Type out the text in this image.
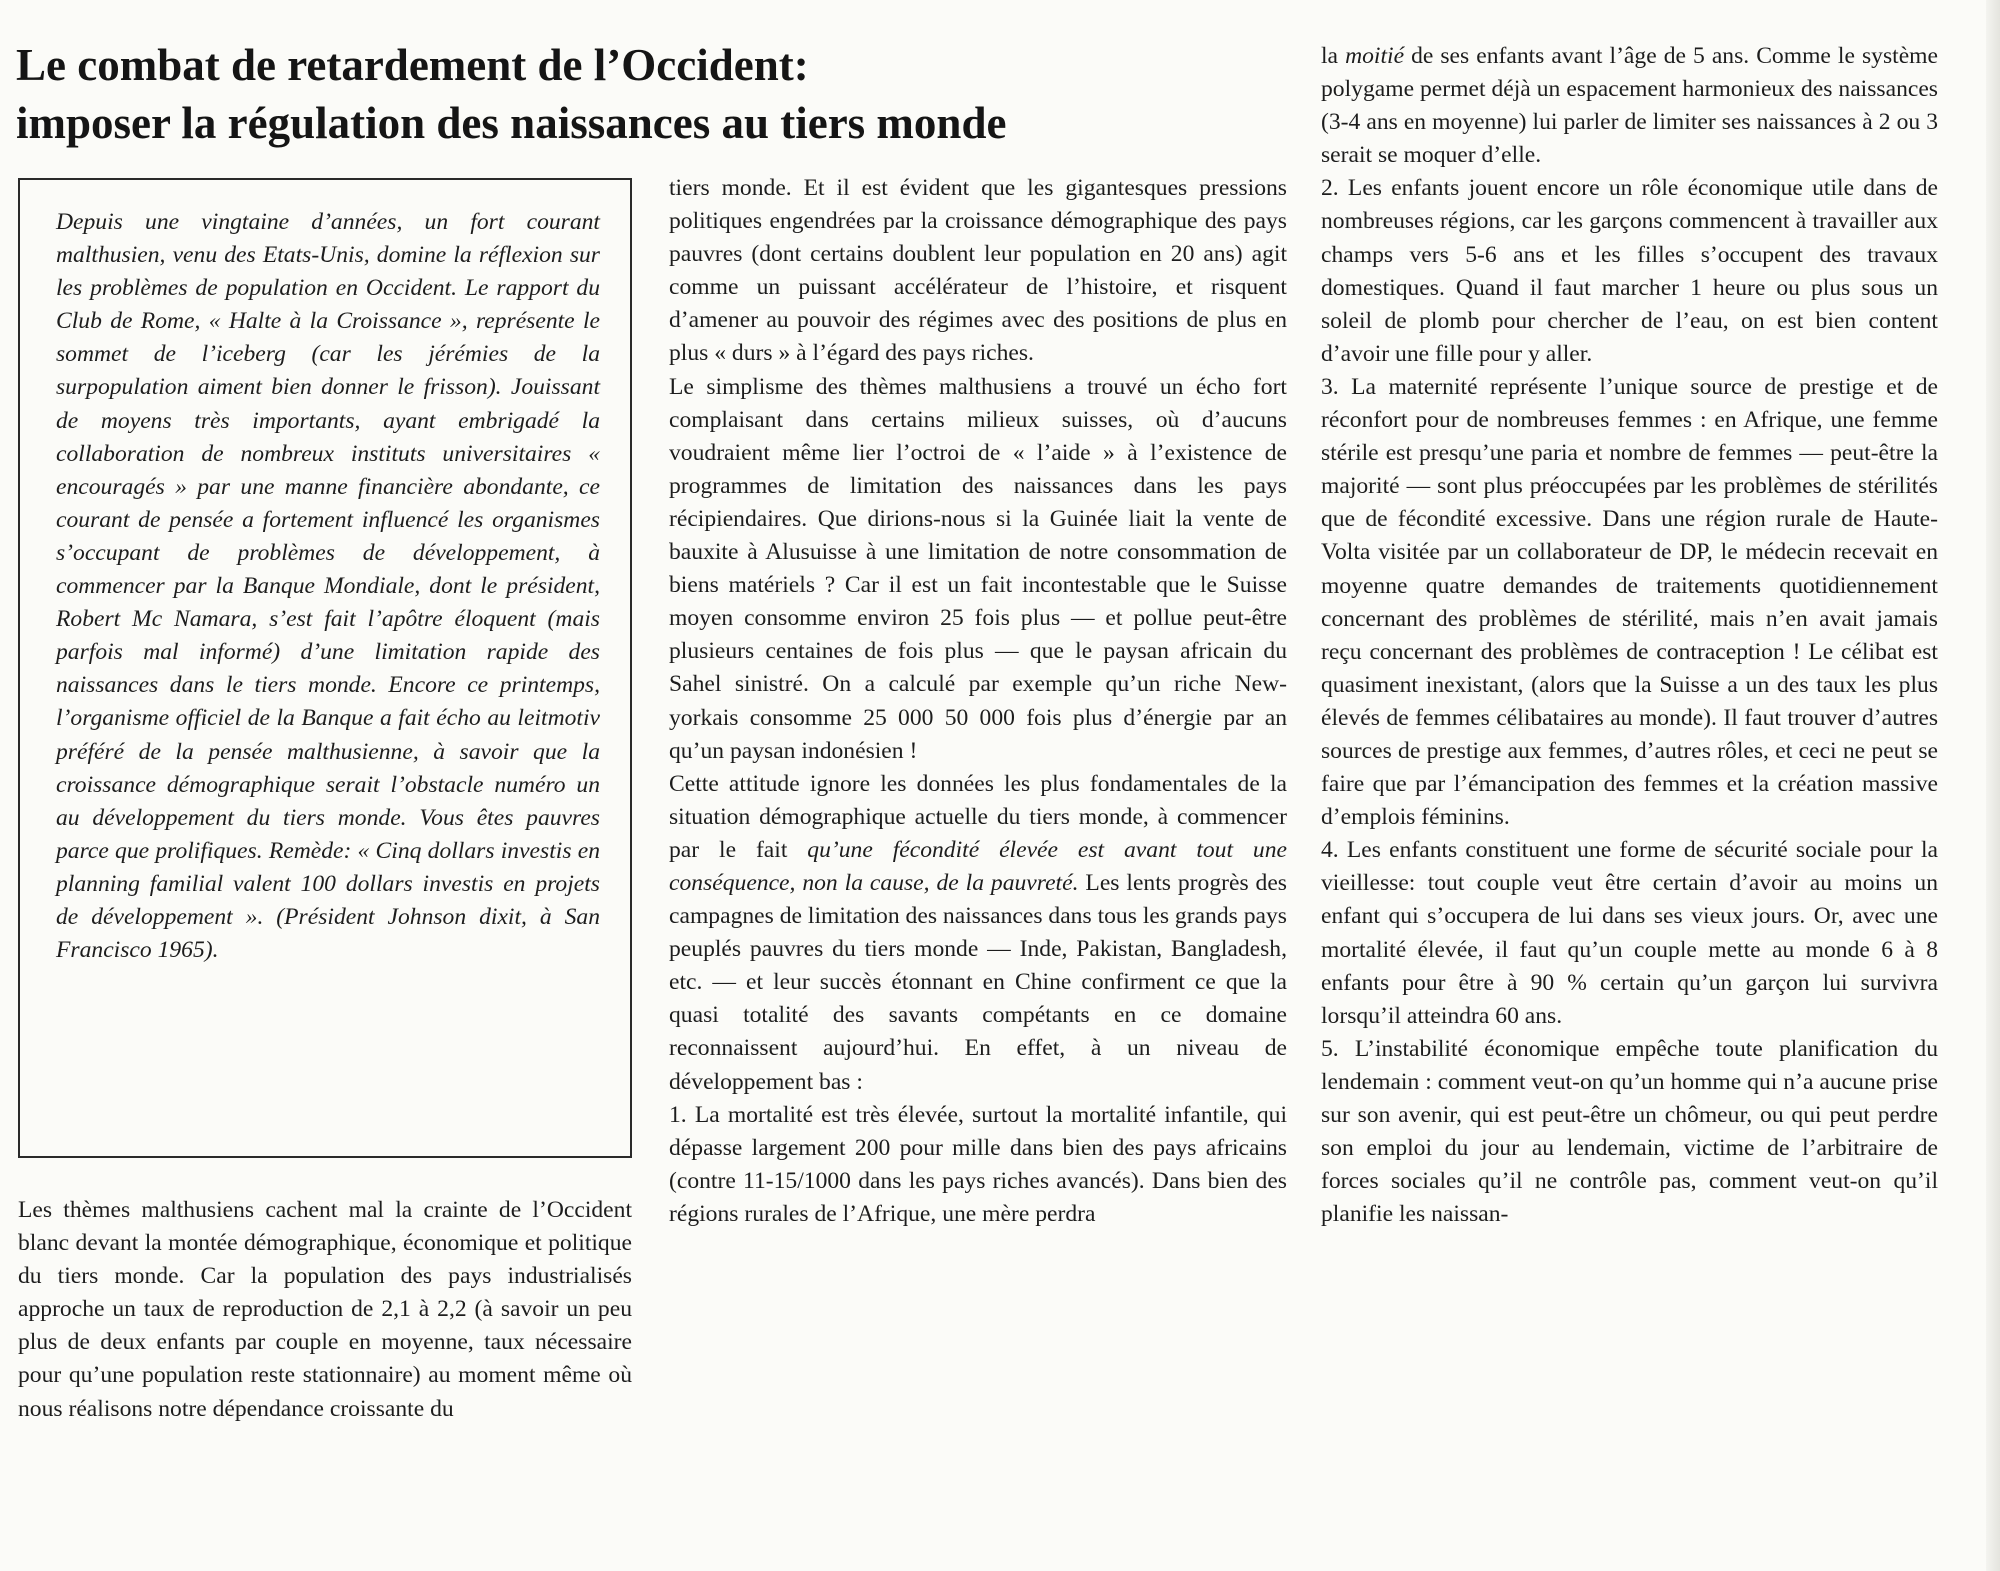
Le combat de retardement de l’Occident:
imposer la régulation des naissances au tiers monde

Depuis une vingtaine d’années, un fort courant malthusien, venu des Etats-Unis, domine la réflexion sur les problèmes de population en Occident. Le rapport du Club de Rome, « Halte à la Croissance », représente le sommet de l’iceberg (car les jérémies de la surpopulation aiment bien donner le frisson). Jouissant de moyens très importants, ayant embrigadé la collaboration de nombreux instituts universitaires « encouragés » par une manne financière abondante, ce courant de pensée a fortement influencé les organismes s’occupant de problèmes de développement, à commencer par la Banque Mondiale, dont le président, Robert Mc Namara, s’est fait l’apôtre éloquent (mais parfois mal informé) d’une limitation rapide des naissances dans le tiers monde. Encore ce printemps, l’organisme officiel de la Banque a fait écho au leitmotiv préféré de la pensée malthusienne, à savoir que la croissance démographique serait l’obstacle numéro un au développement du tiers monde. Vous êtes pauvres parce que prolifiques. Remède: « Cinq dollars investis en planning familial valent 100 dollars investis en projets de développement ». (Président Johnson dixit, à San Francisco 1965).

Les thèmes malthusiens cachent mal la crainte de l’Occident blanc devant la montée démographique, économique et politique du tiers monde. Car la population des pays industrialisés approche un taux de reproduction de 2,1 à 2,2 (à savoir un peu plus de deux enfants par couple en moyenne, taux nécessaire pour qu’une population reste stationnaire) au moment même où nous réalisons notre dépendance croissante du

tiers monde. Et il est évident que les gigantesques pressions politiques engendrées par la croissance démographique des pays pauvres (dont certains doublent leur population en 20 ans) agit comme un puissant accélérateur de l’histoire, et risquent d’amener au pouvoir des régimes avec des positions de plus en plus « durs » à l’égard des pays riches.

Le simplisme des thèmes malthusiens a trouvé un écho fort complaisant dans certains milieux suisses, où d’aucuns voudraient même lier l’octroi de « l’aide » à l’existence de programmes de limitation des naissances dans les pays récipiendaires. Que dirions-nous si la Guinée liait la vente de bauxite à Alusuisse à une limitation de notre consommation de biens matériels ? Car il est un fait incontestable que le Suisse moyen consomme environ 25 fois plus — et pollue peut-être plusieurs centaines de fois plus — que le paysan africain du Sahel sinistré. On a calculé par exemple qu’un riche New-yorkais consomme 25 000 50 000 fois plus d’énergie par an qu’un paysan indonésien !

Cette attitude ignore les données les plus fondamentales de la situation démographique actuelle du tiers monde, à commencer par le fait qu’une fécondité élevée est avant tout une conséquence, non la cause, de la pauvreté. Les lents progrès des campagnes de limitation des naissances dans tous les grands pays peuplés pauvres du tiers monde — Inde, Pakistan, Bangladesh, etc. — et leur succès étonnant en Chine confirment ce que la quasi totalité des savants compétants en ce domaine reconnaissent aujourd’hui. En effet, à un niveau de développement bas :

1. La mortalité est très élevée, surtout la mortalité infantile, qui dépasse largement 200 pour mille dans bien des pays africains (contre 11-15/1000 dans les pays riches avancés). Dans bien des régions rurales de l’Afrique, une mère perdra

la moitié de ses enfants avant l’âge de 5 ans. Comme le système polygame permet déjà un espacement harmonieux des naissances (3-4 ans en moyenne) lui parler de limiter ses naissances à 2 ou 3 serait se moquer d’elle.

2. Les enfants jouent encore un rôle économique utile dans de nombreuses régions, car les garçons commencent à travailler aux champs vers 5-6 ans et les filles s’occupent des travaux domestiques. Quand il faut marcher 1 heure ou plus sous un soleil de plomb pour chercher de l’eau, on est bien content d’avoir une fille pour y aller.

3. La maternité représente l’unique source de prestige et de réconfort pour de nombreuses femmes : en Afrique, une femme stérile est presqu’une paria et nombre de femmes — peut-être la majorité — sont plus préoccupées par les problèmes de stérilités que de fécondité excessive. Dans une région rurale de Haute-Volta visitée par un collaborateur de DP, le médecin recevait en moyenne quatre demandes de traitements quotidiennement concernant des problèmes de stérilité, mais n’en avait jamais reçu concernant des problèmes de contraception ! Le célibat est quasiment inexistant, (alors que la Suisse a un des taux les plus élevés de femmes célibataires au monde). Il faut trouver d’autres sources de prestige aux femmes, d’autres rôles, et ceci ne peut se faire que par l’émancipation des femmes et la création massive d’emplois féminins.

4. Les enfants constituent une forme de sécurité sociale pour la vieillesse: tout couple veut être certain d’avoir au moins un enfant qui s’occupera de lui dans ses vieux jours. Or, avec une mortalité élevée, il faut qu’un couple mette au monde 6 à 8 enfants pour être à 90 % certain qu’un garçon lui survivra lorsqu’il atteindra 60 ans.

5. L’instabilité économique empêche toute planification du lendemain : comment veut-on qu’un homme qui n’a aucune prise sur son avenir, qui est peut-être un chômeur, ou qui peut perdre son emploi du jour au lendemain, victime de l’arbitraire de forces sociales qu’il ne contrôle pas, comment veut-on qu’il planifie les naissan-
